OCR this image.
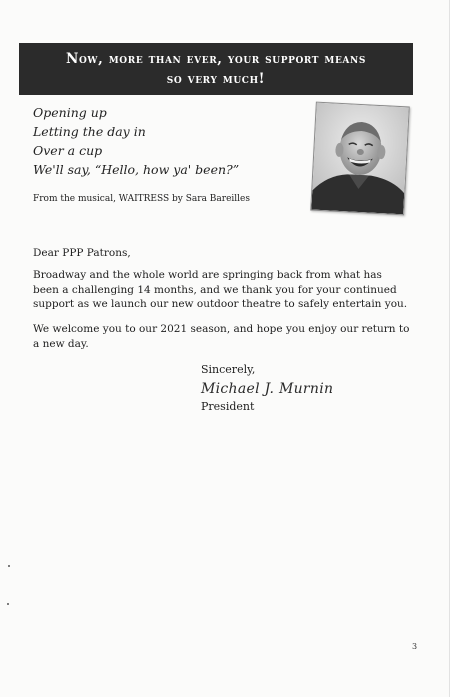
Now, more than ever, your support means
so very much!
Opening up
Letting the day in
Over a cup
We'll say, “Hello, how ya' been?”
From the musical, WAITRESS by Sara Bareilles
Dear PPP Patrons,
Broadway and the whole world are springing back from what has been a challenging 14 months, and we thank you for your continued support as we launch our new outdoor theatre to safely entertain you.
We welcome you to our 2021 season, and hope you enjoy our return to a new day.
Sincerely,
Michael J. Murnin
President
3
